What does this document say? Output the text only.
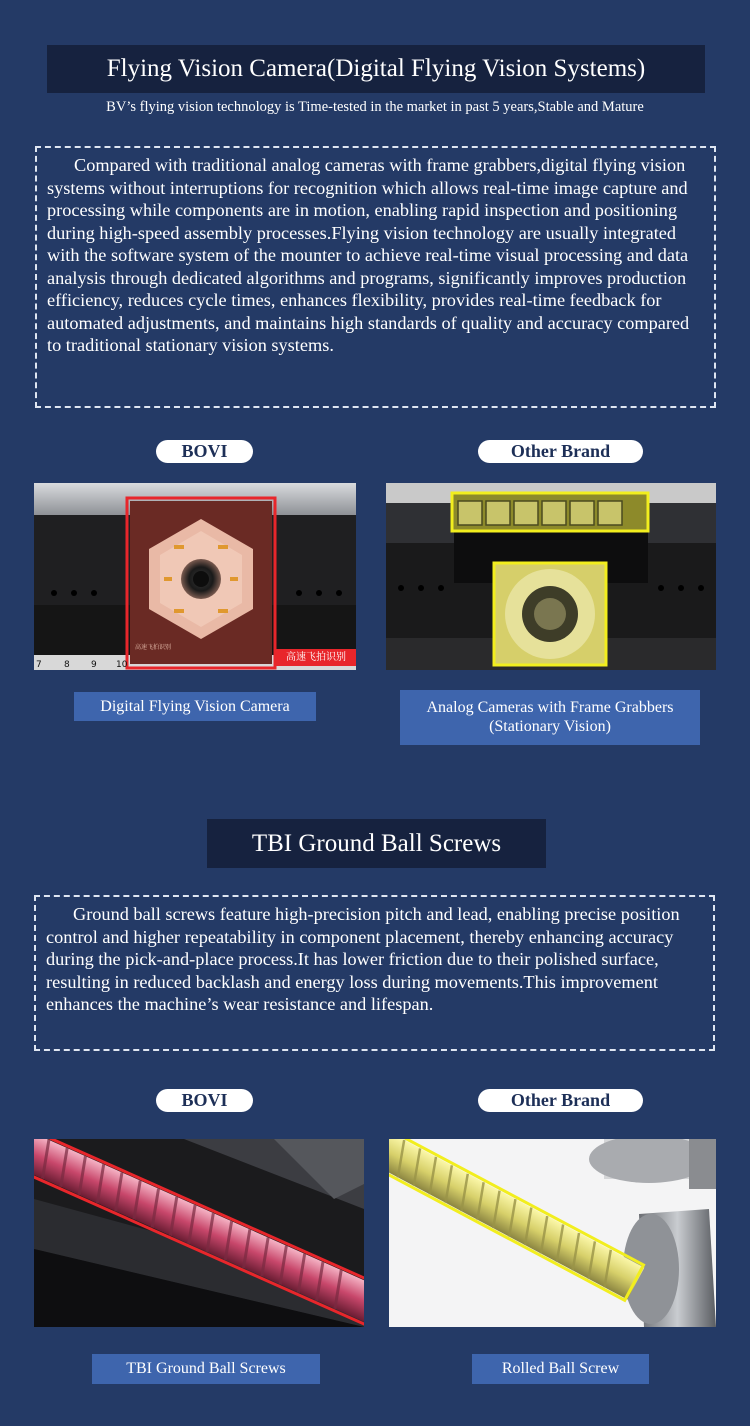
Flying Vision Camera(Digital Flying Vision Systems)
BV’s flying vision technology is Time-tested in the market in past 5 years,Stable and Mature
Compared with traditional analog cameras with frame grabbers,digital flying vision systems without interruptions for recognition which allows real-time image capture and processing while components are in motion, enabling rapid inspection and positioning during high-speed assembly processes.Flying vision technology are usually integrated with the software system of the mounter to achieve real-time visual processing and data analysis through dedicated algorithms and programs, significantly improves production efficiency, reduces cycle times, enhances flexibility, provides real-time feedback for automated adjustments, and maintains high standards of quality and accuracy compared to traditional stationary vision systems.
BOVI	Other Brand
7 8 9 10
高速飞拍识别
高速飞拍识别
Digital Flying Vision Camera	Analog Cameras with Frame Grabbers
(Stationary Vision)
TBI Ground Ball Screws
Ground ball screws feature high-precision pitch and lead, enabling precise position control and higher repeatability in component placement, thereby enhancing accuracy during the pick-and-place process.It has lower friction due to their polished surface, resulting in reduced backlash and energy loss during movements.This improvement enhances the machine’s wear resistance and lifespan.
BOVI	Other Brand
TBI Ground Ball Screws	Rolled Ball Screw
